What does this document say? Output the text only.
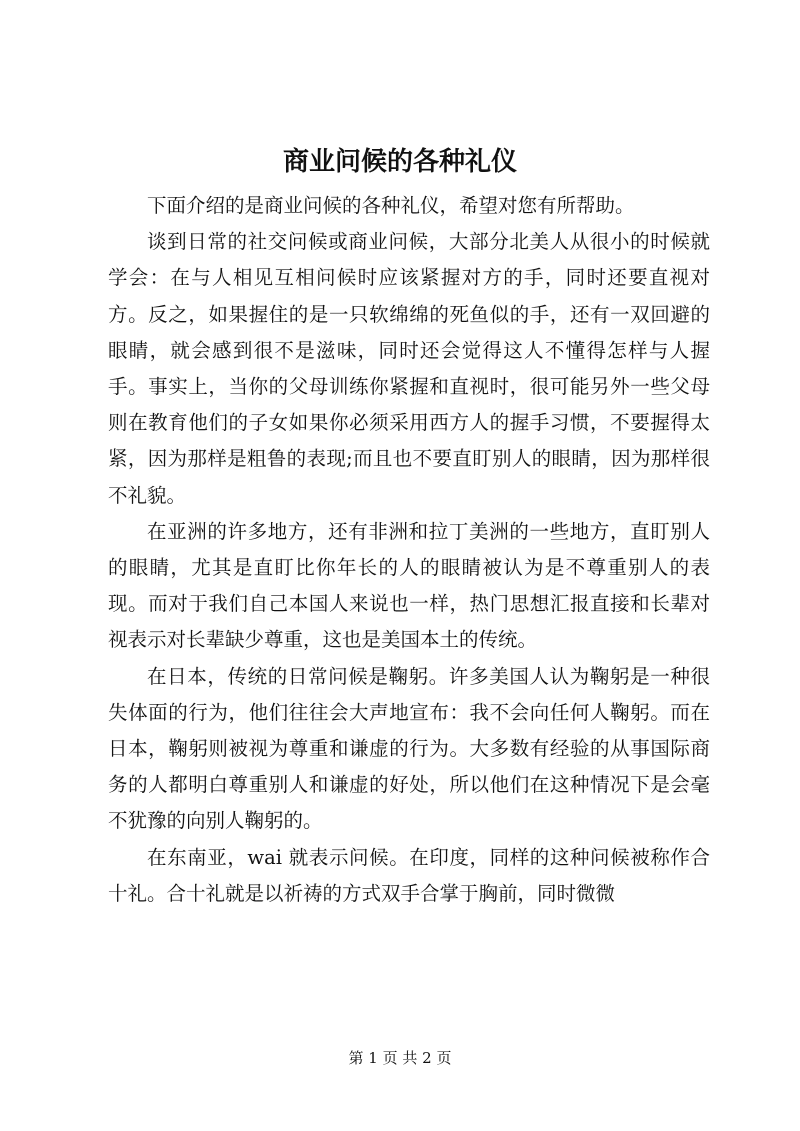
商业问候的各种礼仪

下面介绍的是商业问候的各种礼仪，希望对您有所帮助。

谈到日常的社交问候或商业问候，大部分北美人从很小的时候就学会：在与人相见互相问候时应该紧握对方的手，同时还要直视对方。反之，如果握住的是一只软绵绵的死鱼似的手，还有一双回避的眼睛，就会感到很不是滋味，同时还会觉得这人不懂得怎样与人握手。事实上，当你的父母训练你紧握和直视时，很可能另外一些父母则在教育他们的子女如果你必须采用西方人的握手习惯，不要握得太紧，因为那样是粗鲁的表现;而且也不要直盯别人的眼睛，因为那样很不礼貌。

在亚洲的许多地方，还有非洲和拉丁美洲的一些地方，直盯别人的眼睛，尤其是直盯比你年长的人的眼睛被认为是不尊重别人的表现。而对于我们自己本国人来说也一样，热门思想汇报直接和长辈对视表示对长辈缺少尊重，这也是美国本土的传统。

在日本，传统的日常问候是鞠躬。许多美国人认为鞠躬是一种很失体面的行为，他们往往会大声地宣布：我不会向任何人鞠躬。而在日本，鞠躬则被视为尊重和谦虚的行为。大多数有经验的从事国际商务的人都明白尊重别人和谦虚的好处，所以他们在这种情况下是会毫不犹豫的向别人鞠躬的。

在东南亚，wai 就表示问候。在印度，同样的这种问候被称作合十礼。合十礼就是以祈祷的方式双手合掌于胸前，同时微微

第 1 页 共 2 页
